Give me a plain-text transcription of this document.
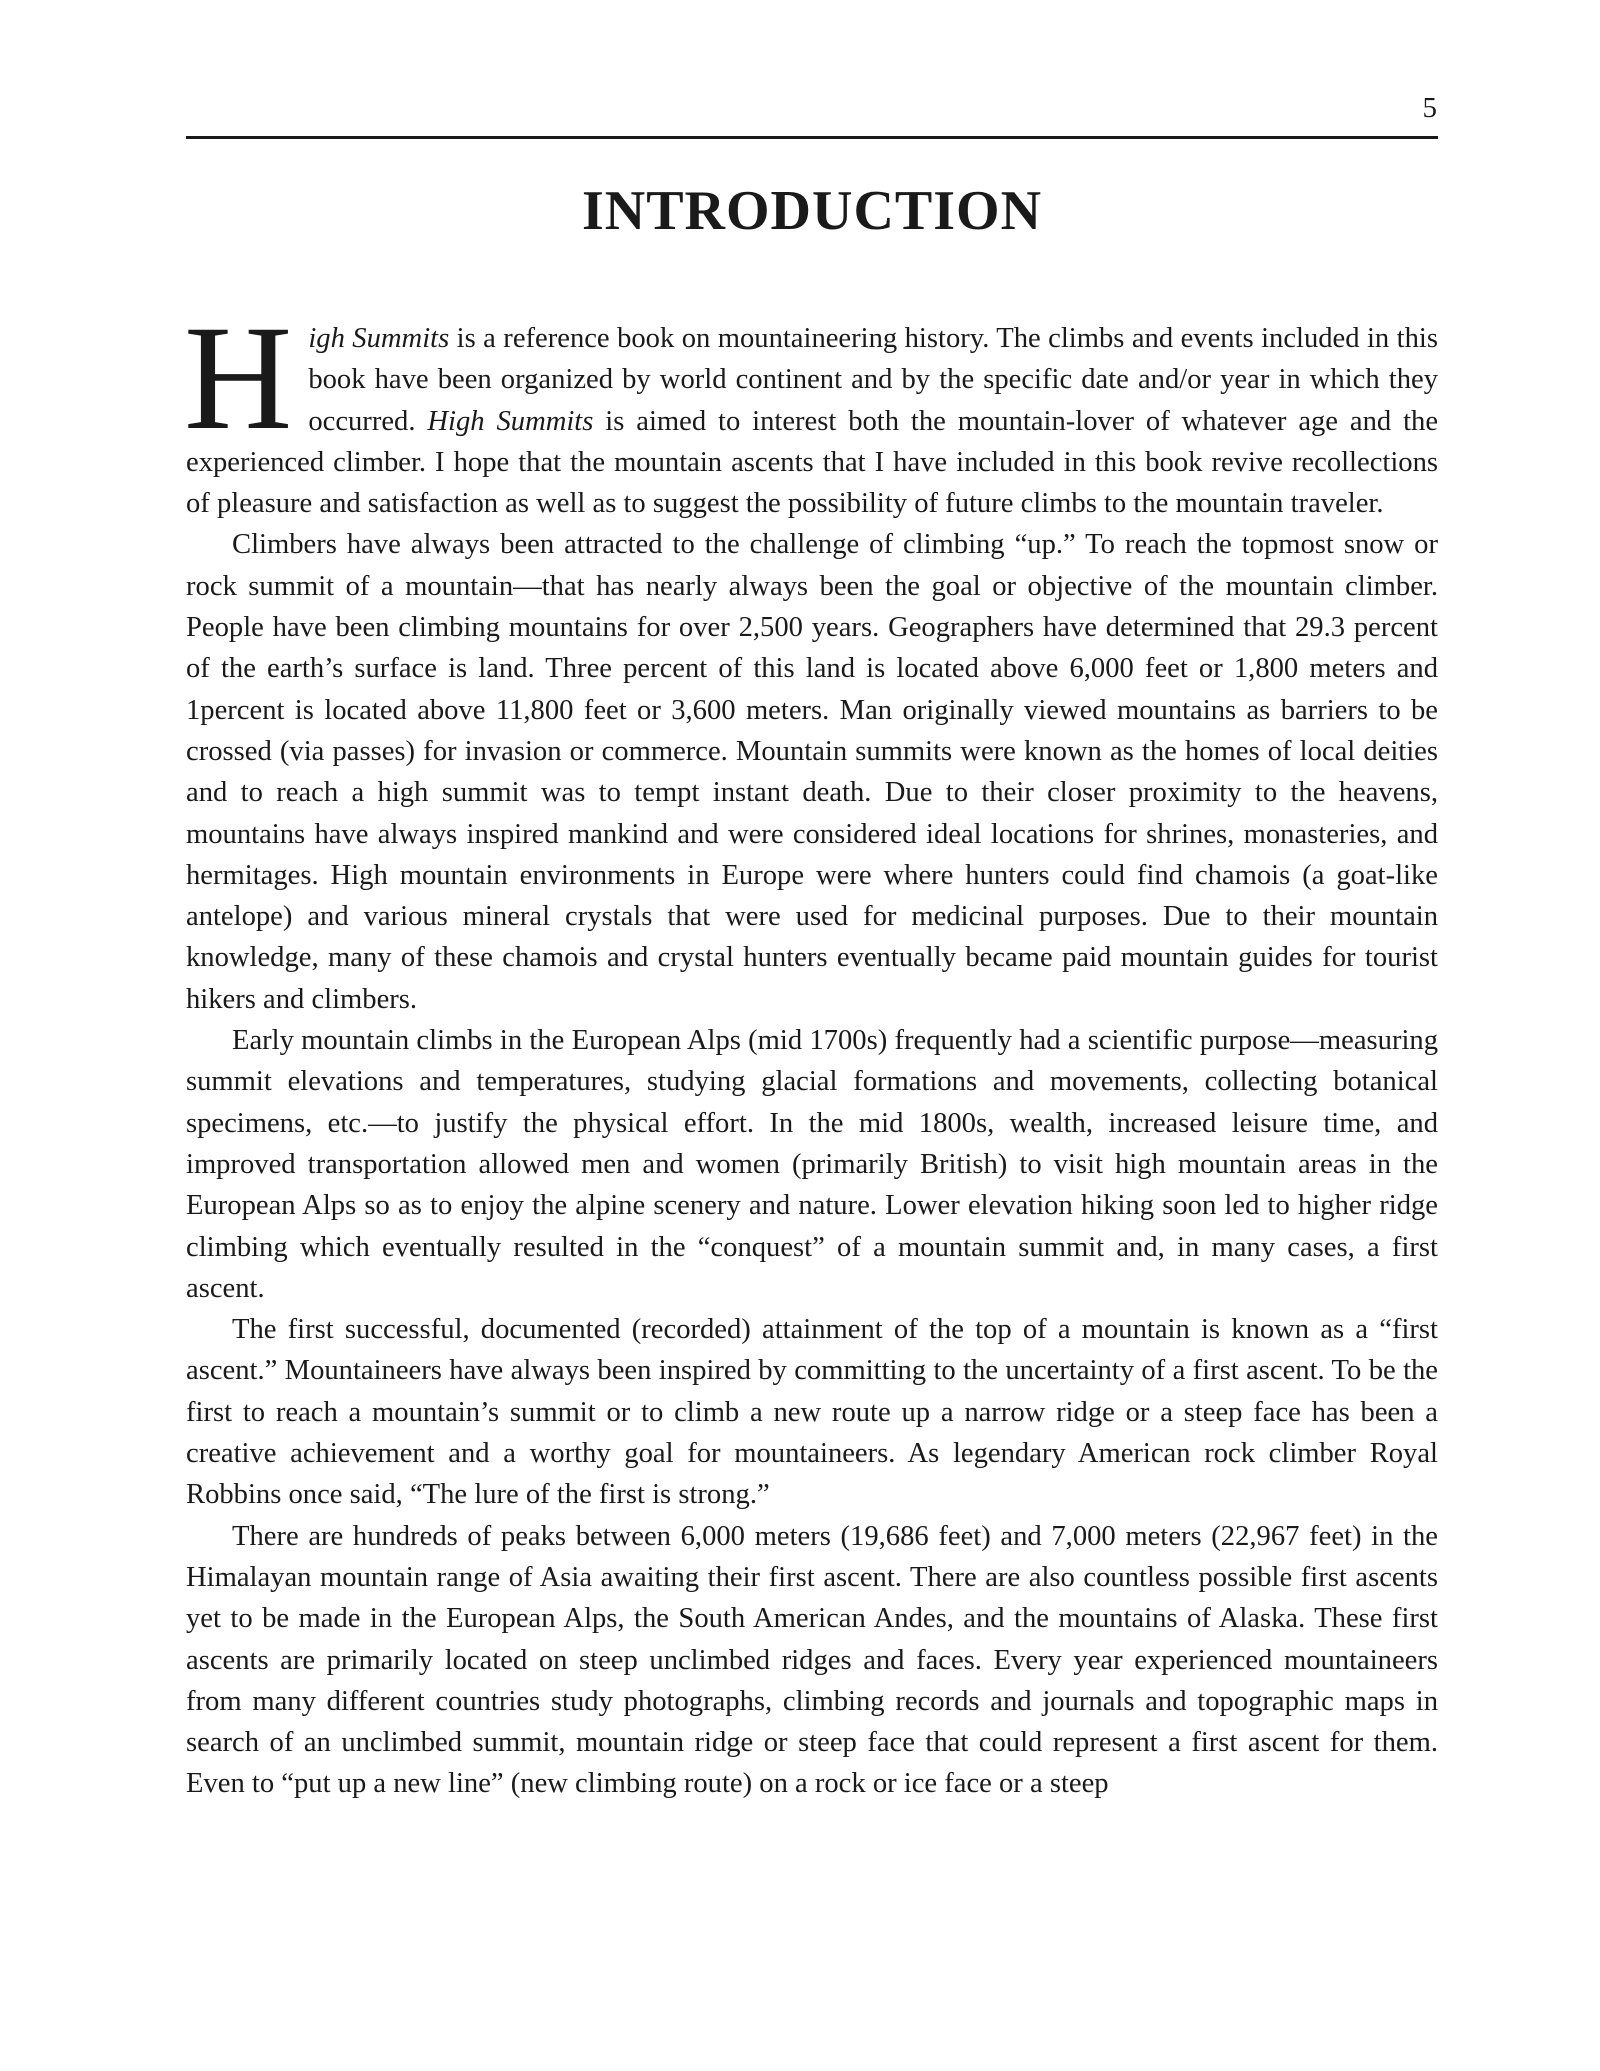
5
INTRODUCTION

High Summits is a reference book on mountaineering history. The climbs and events included in this book have been organized by world continent and by the specific date and/or year in which they occurred. High Summits is aimed to interest both the mountain-lover of whatever age and the experienced climber. I hope that the mountain ascents that I have included in this book revive recollections of pleasure and satisfaction as well as to suggest the possibility of future climbs to the mountain traveler.

Climbers have always been attracted to the challenge of climbing “up.” To reach the topmost snow or rock summit of a mountain—that has nearly always been the goal or objective of the mountain climber. People have been climbing mountains for over 2,500 years. Geographers have determined that 29.3 percent of the earth’s surface is land. Three percent of this land is located above 6,000 feet or 1,800 meters and 1percent is located above 11,800 feet or 3,600 meters. Man originally viewed mountains as barriers to be crossed (via passes) for invasion or commerce. Mountain summits were known as the homes of local deities and to reach a high summit was to tempt instant death. Due to their closer proximity to the heavens, mountains have always inspired mankind and were considered ideal locations for shrines, monasteries, and hermitages. High mountain environments in Europe were where hunters could find chamois (a goat-like antelope) and various mineral crystals that were used for medicinal purposes. Due to their mountain knowledge, many of these chamois and crystal hunters eventually became paid mountain guides for tourist hikers and climbers.

Early mountain climbs in the European Alps (mid 1700s) frequently had a scientific purpose—measuring summit elevations and temperatures, studying glacial formations and movements, collecting botanical specimens, etc.—to justify the physical effort. In the mid 1800s, wealth, increased leisure time, and improved transportation allowed men and women (primarily British) to visit high mountain areas in the European Alps so as to enjoy the alpine scenery and nature. Lower elevation hiking soon led to higher ridge climbing which eventually resulted in the “conquest” of a mountain summit and, in many cases, a first ascent.

The first successful, documented (recorded) attainment of the top of a mountain is known as a “first ascent.” Mountaineers have always been inspired by committing to the uncertainty of a first ascent. To be the first to reach a mountain’s summit or to climb a new route up a narrow ridge or a steep face has been a creative achievement and a worthy goal for mountaineers. As legendary American rock climber Royal Robbins once said, “The lure of the first is strong.”

There are hundreds of peaks between 6,000 meters (19,686 feet) and 7,000 meters (22,967 feet) in the Himalayan mountain range of Asia awaiting their first ascent. There are also countless possible first ascents yet to be made in the European Alps, the South American Andes, and the mountains of Alaska. These first ascents are primarily located on steep unclimbed ridges and faces. Every year experienced mountaineers from many different countries study photographs, climbing records and journals and topographic maps in search of an unclimbed summit, mountain ridge or steep face that could represent a first ascent for them. Even to “put up a new line” (new climbing route) on a rock or ice face or a steep
